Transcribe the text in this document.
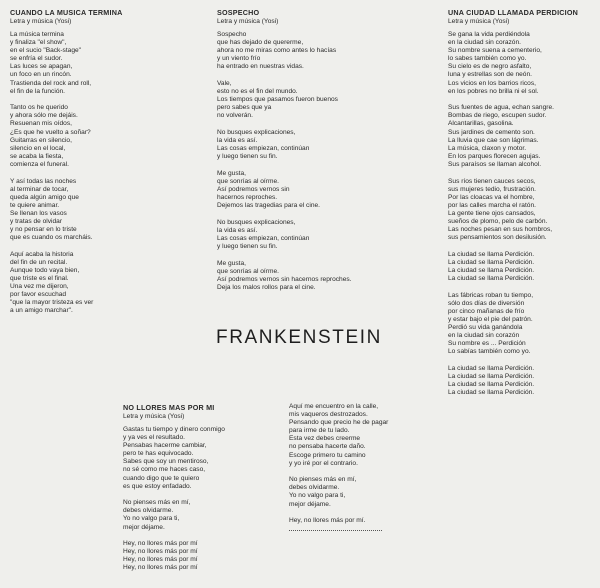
CUANDO LA MUSICA TERMINA
Letra y música (Yosi)
La música termina
y finaliza "el show",
en el sucio "Back-stage"
se enfría el sudor.
Las luces se apagan,
un foco en un rincón.
Trastienda del rock and roll,
el fin de la función.
Tanto os he querido
y ahora sólo me dejáis.
Resuenan mis oídos,
¿Es que he vuelto a soñar?
Guitarras en silencio,
silencio en el local,
se acaba la fiesta,
comienza el funeral.
Y así todas las noches
al terminar de tocar,
queda algún amigo que
te quiere animar.
Se llenan los vasos
y tratas de olvidar
y no pensar en lo triste
que es cuando os marcháis.
Aquí acaba la historia
del fin de un recital.
Aunque todo vaya bien,
que triste es el final.
Una vez me dijeron,
por favor escuchad
"que la mayor tristeza es ver
a un amigo marchar".
SOSPECHO
Letra y música (Yosi)
Sospecho
que has dejado de quererme,
ahora no me miras como antes lo hacías
y un viento frío
ha entrado en nuestras vidas.
Vale,
esto no es el fin del mundo.
Los tiempos que pasamos fueron buenos
pero sabes que ya
no volverán.
No busques explicaciones,
la vida es así.
Las cosas empiezan, continúan
y luego tienen su fin.
Me gusta,
que sonrías al oírme.
Así podremos vernos sin
hacernos reproches.
Dejemos las tragedias para el cine.
No busques explicaciones,
la vida es así.
Las cosas empiezan, continúan
y luego tienen su fin.
Me gusta,
que sonrías al oírme.
Así podremos vernos sin hacernos reproches.
Deja los malos rollos para el cine.
UNA CIUDAD LLAMADA PERDICION
Letra y música (Yosi)
Se gana la vida perdiéndola
en la ciudad sin corazón.
Su nombre suena a cementerio,
lo sabes también como yo.
Su cielo es de negro asfalto,
luna y estrellas son de neón.
Los vicios en los barrios ricos,
en los pobres no brilla ni el sol.
Sus fuentes de agua, echan sangre.
Bombas de riego, escupen sudor.
Alcantarillas, gasolina.
Sus jardines de cemento son.
La lluvia que cae son lágrimas.
La música, claxon y motor.
En los parques florecen agujas.
Sus paraísos se llaman alcohol.
Sus ríos tienen cauces secos,
sus mujeres tedio, frustración.
Por las cloacas va el hombre,
por las calles marcha el ratón.
La gente tiene ojos cansados,
sueños de plomo, pelo de carbón.
Las noches pesan en sus hombros,
sus pensamientos son desilusión.
La ciudad se llama Perdición.
La ciudad se llama Perdición.
La ciudad se llama Perdición.
La ciudad se llama Perdición.
Las fábricas roban tu tiempo,
sólo dos días de diversión
por cinco mañanas de frío
y estar bajo el pie del patrón.
Perdió su vida ganándola
en la ciudad sin corazón
Su nombre es ... Perdición
Lo sabías también como yo.
La ciudad se llama Perdición.
La ciudad se llama Perdición.
La ciudad se llama Perdición.
La ciudad se llama Perdición.
FRANKENSTEIN
NO LLORES MAS POR MI
Letra y música (Yosi)
Gastas tu tiempo y dinero conmigo
y ya ves el resultado.
Pensabas hacerme cambiar,
pero te has equivocado.
Sabes que soy un mentiroso,
no sé como me haces caso,
cuando digo que te quiero
es que estoy enfadado.
No pienses más en mí,
debes olvidarme.
Yo no valgo para ti,
mejor déjame.
Hey, no llores más por mí
Hey, no llores más por mí
Hey, no llores más por mí
Hey, no llores más por mí
Aquí me encuentro en la calle,
mis vaqueros destrozados.
Pensando que precio he de pagar
para irme de tu lado.
Esta vez debes creerme
no pensaba hacerte daño.
Escoge primero tu camino
y yo iré por el contrario.
No pienses más en mí,
debes olvidarme.
Yo no valgo para ti,
mejor déjame.
Hey, no llores más por mí.
